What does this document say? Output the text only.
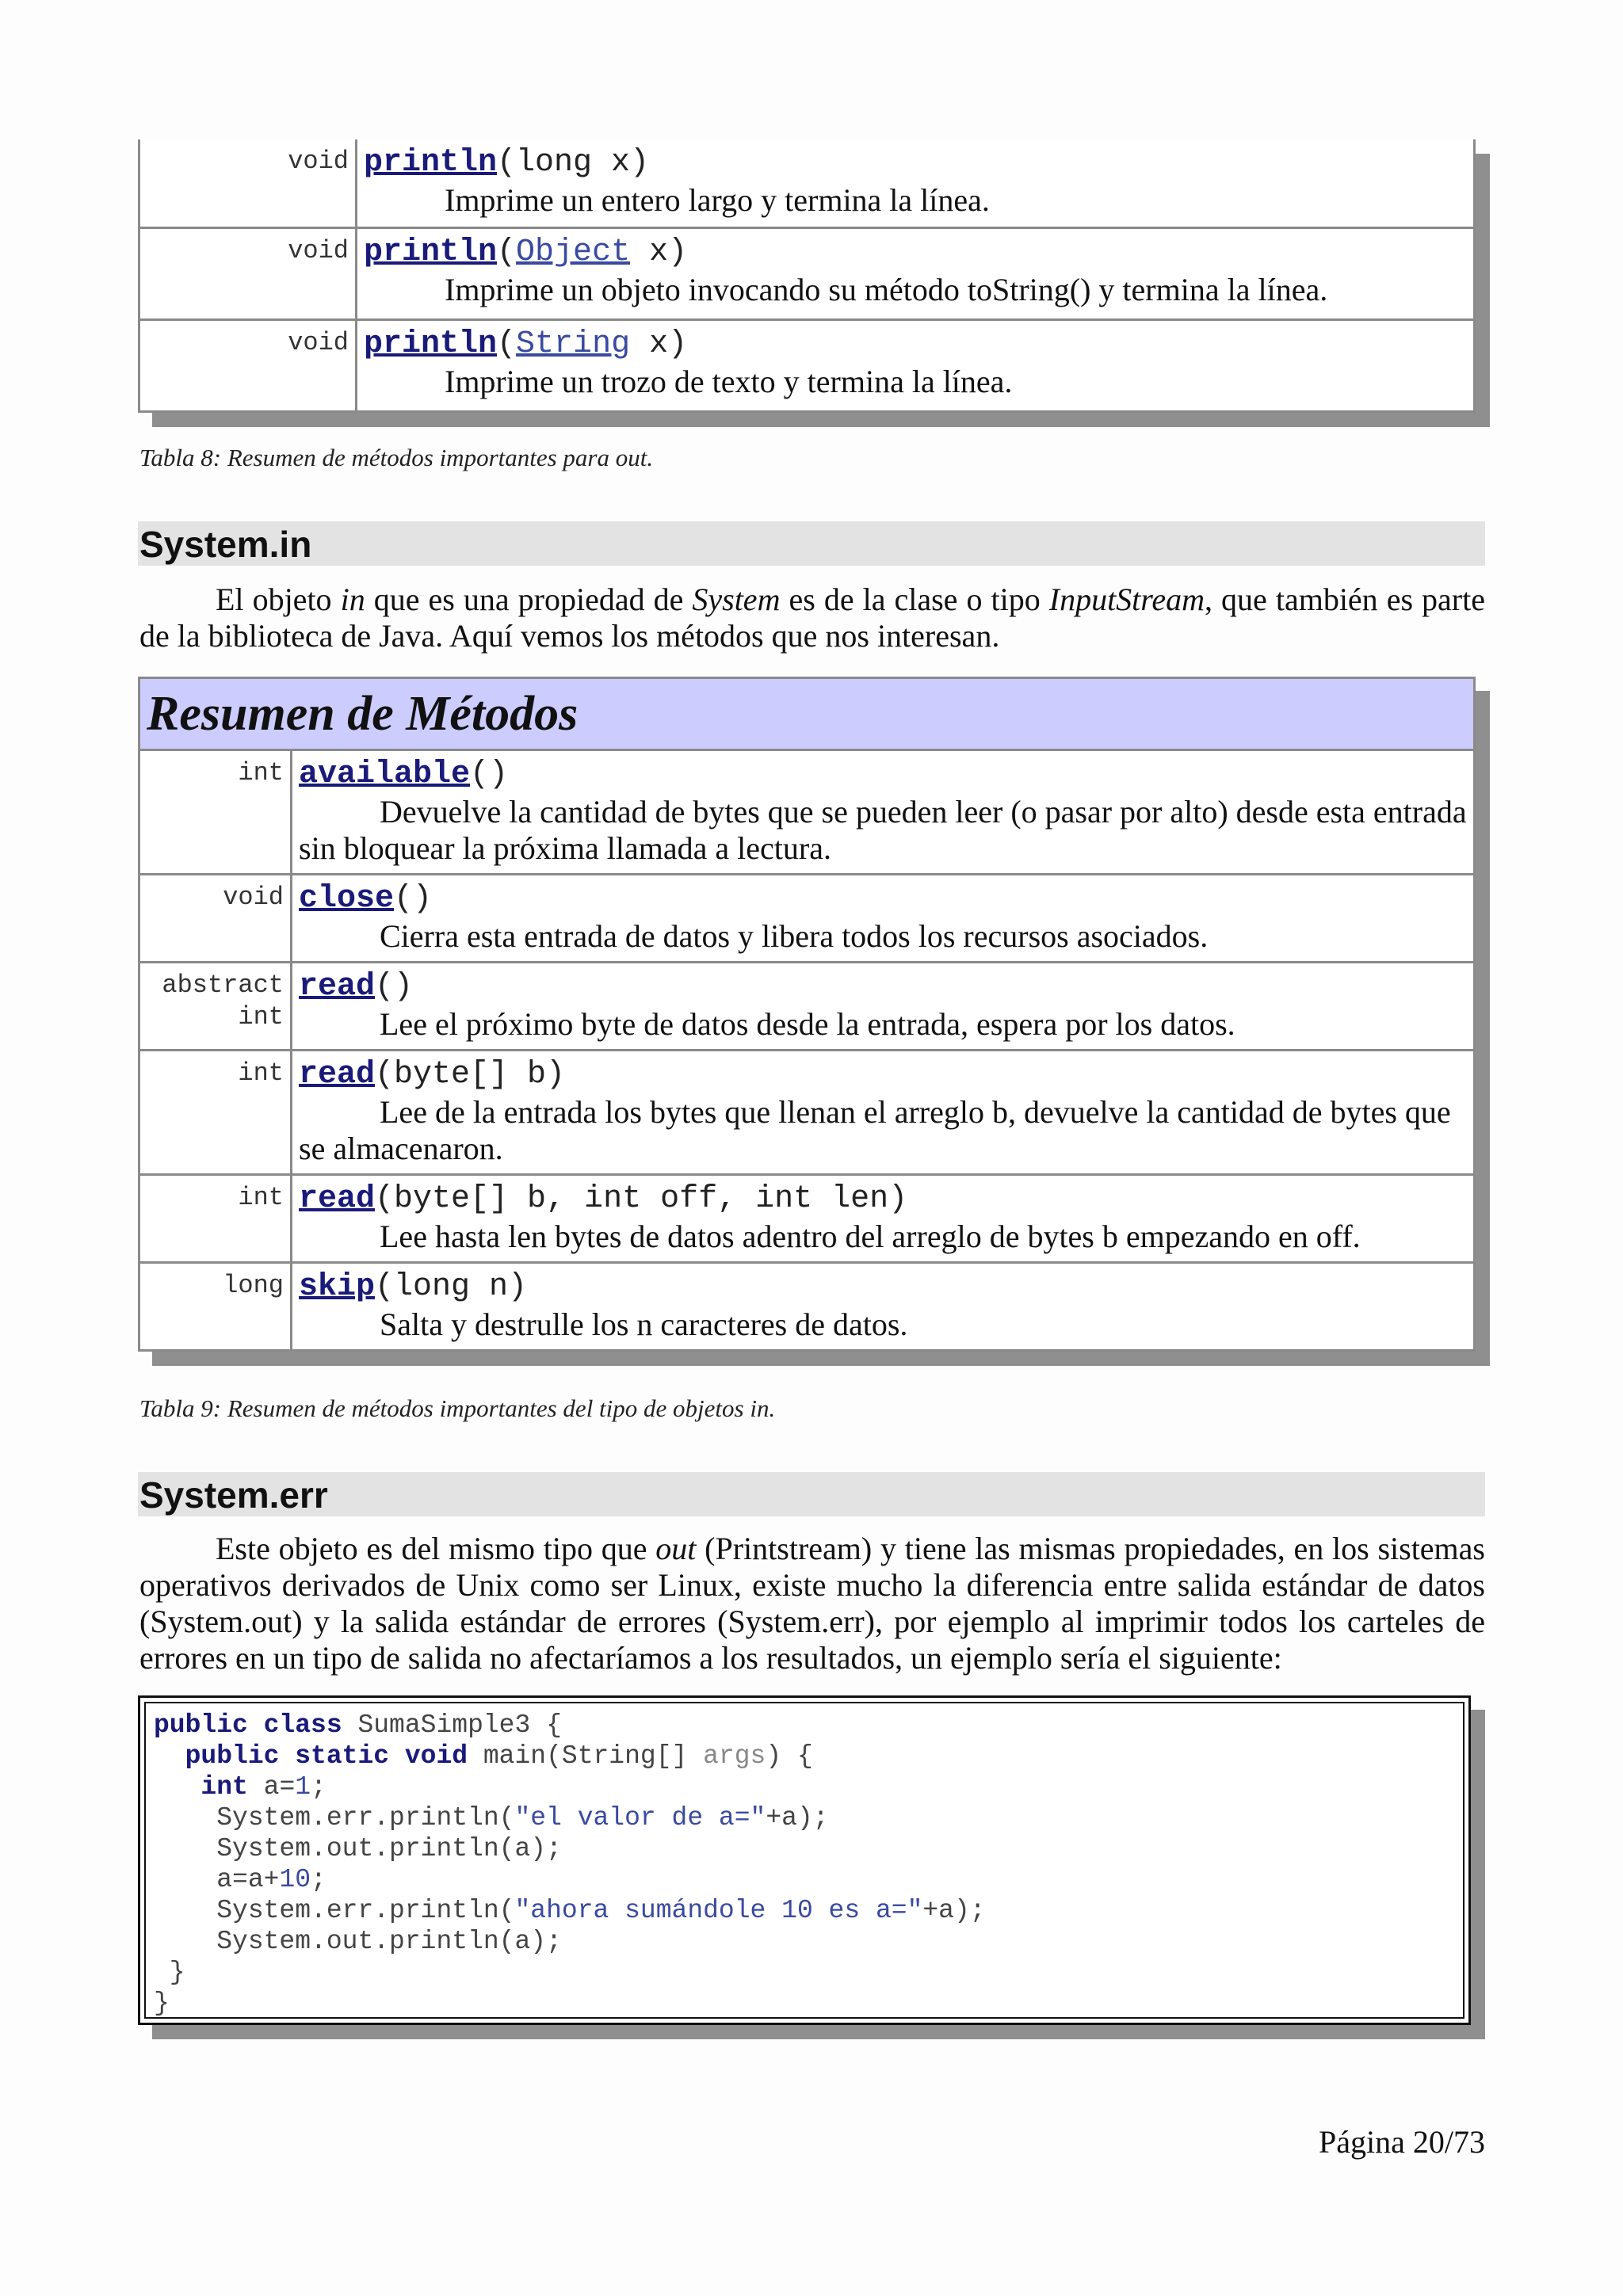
void println(long x)
Imprime un entero largo y termina la línea.
void println(Object x)
Imprime un objeto invocando su método toString() y termina la línea.
void println(String x)
Imprime un trozo de texto y termina la línea.
Tabla 8: Resumen de métodos importantes para out.
System.in
El objeto in que es una propiedad de System es de la clase o tipo InputStream, que también es parte de la biblioteca de Java. Aquí vemos los métodos que nos interesan.
Resumen de Métodos
int available()
Devuelve la cantidad de bytes que se pueden leer (o pasar por alto) desde esta entrada sin bloquear la próxima llamada a lectura.
void close()
Cierra esta entrada de datos y libera todos los recursos asociados.
abstract int
read()
Lee el próximo byte de datos desde la entrada, espera por los datos.
int read(byte[] b)
Lee de la entrada los bytes que llenan el arreglo b, devuelve la cantidad de bytes que se almacenaron.
int read(byte[] b, int off, int len)
Lee hasta len bytes de datos adentro del arreglo de bytes b empezando en off.
long skip(long n)
Salta y destrulle los n caracteres de datos.
Tabla 9: Resumen de métodos importantes del tipo de objetos in.
System.err
Este objeto es del mismo tipo que out (Printstream) y tiene las mismas propiedades, en los sistemas operativos derivados de Unix como ser Linux, existe mucho la diferencia entre salida estándar de datos (System.out) y la salida estándar de errores (System.err), por ejemplo al imprimir todos los carteles de errores en un tipo de salida no afectaríamos a los resultados, un ejemplo sería el siguiente:
public class SumaSimple3 {
public static void main(String[] args) {
int a=1;
System.err.println("el valor de a="+a);
System.out.println(a);
a=a+10;
System.err.println("ahora sumándole 10 es a="+a);
System.out.println(a);
}
}
Página 20/73
